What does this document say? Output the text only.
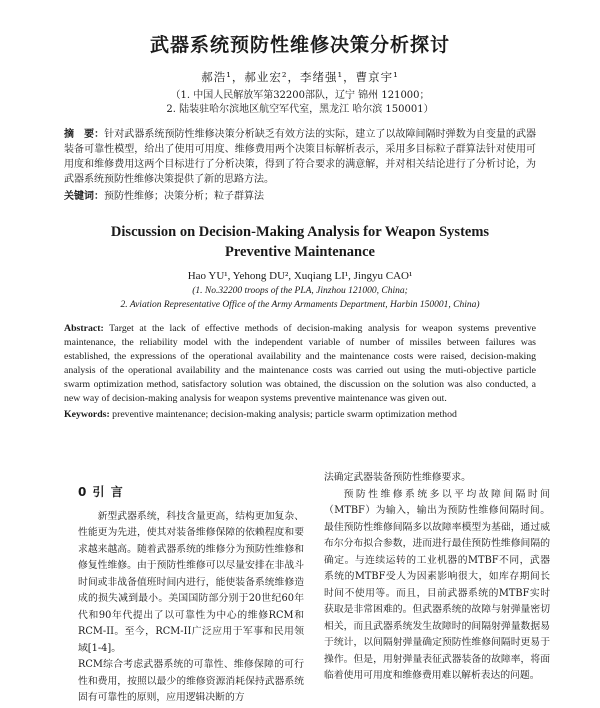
武器系统预防性维修决策分析探讨
郝浩¹，郝业宏²，李绪强¹，曹京宇¹
（1. 中国人民解放军第32200部队，辽宁 锦州 121000；
2. 陆装驻哈尔滨地区航空军代室，黑龙江 哈尔滨 150001）
摘　要：针对武器系统预防性维修决策分析缺乏有效方法的实际，建立了以故障间隔时弹数为自变量的武器装备可靠性模型，给出了使用可用度、维修费用两个决策目标解析表示，采用多目标粒子群算法针对使用可用度和维修费用这两个目标进行了分析决策，得到了符合要求的满意解，并对相关结论进行了分析讨论，为武器系统预防性维修决策提供了新的思路方法。
关键词：预防性维修；决策分析；粒子群算法
Discussion on Decision-Making Analysis for Weapon Systems
Preventive Maintenance
Hao YU¹, Yehong DU², Xuqiang LI¹, Jingyu CAO¹
(1. No.32200 troops of the PLA, Jinzhou 121000, China;
2. Aviation Representative Office of the Army Armaments Department, Harbin 150001, China)
Abstract: Target at the lack of effective methods of decision-making analysis for weapon systems preventive maintenance, the reliability model with the independent variable of number of missiles between failures was established, the expressions of the operational availability and the maintenance costs were raised, decision-making analysis of the operational availability and the maintenance costs was carried out using the muti-objective particle swarm optimization method, satisfactory solution was obtained, the discussion on the solution was also conducted, a new way of decision-making analysis for weapon systems preventive maintenance was given out.
Keywords: preventive maintenance; decision-making analysis; particle swarm optimization method
0 引 言

新型武器系统，科技含量更高，结构更加复杂、性能更为先进，使其对装备维修保障的依赖程度和要求越来越高。随着武器系统的维修分为预防性维修和修复性维修。由于预防性维修可以尽量安排在非战斗时间或非战备值班时间内进行，能使装备系统维修造成的损失减到最小。美国国防部分别于20世纪60年代和90年代提出了以可靠性为中心的维修RCM和RCM-II。至今，RCM-II广泛应用于军事和民用领域[1-4]。

RCM综合考虑武器系统的可靠性、维修保障的可行性和费用，按照以最少的维修资源消耗保持武器系统固有可靠性的原则，应用逻辑决断的方

法确定武器装备预防性维修要求。

预防性维修系统多以平均故障间隔时间（MTBF）为输入，输出为预防性维修间隔时间。最佳预防性维修间隔多以故障率模型为基础，通过威布尔分布拟合参数，进而进行最佳预防性维修间隔的确定。与连续运转的工业机器的MTBF不同，武器系统的MTBF受人为因素影响很大，如库存期间长时间不使用等。而且，目前武器系统的MTBF实时获取是非常困难的。但武器系统的故障与射弹量密切相关，而且武器系统发生故障时的间隔射弹量数据易于统计，以间隔射弹量确定预防性维修间隔时更易于操作。但是，用射弹量表征武器装备的故障率，将面临着使用可用度和维修费用难以解析表达的问题。
